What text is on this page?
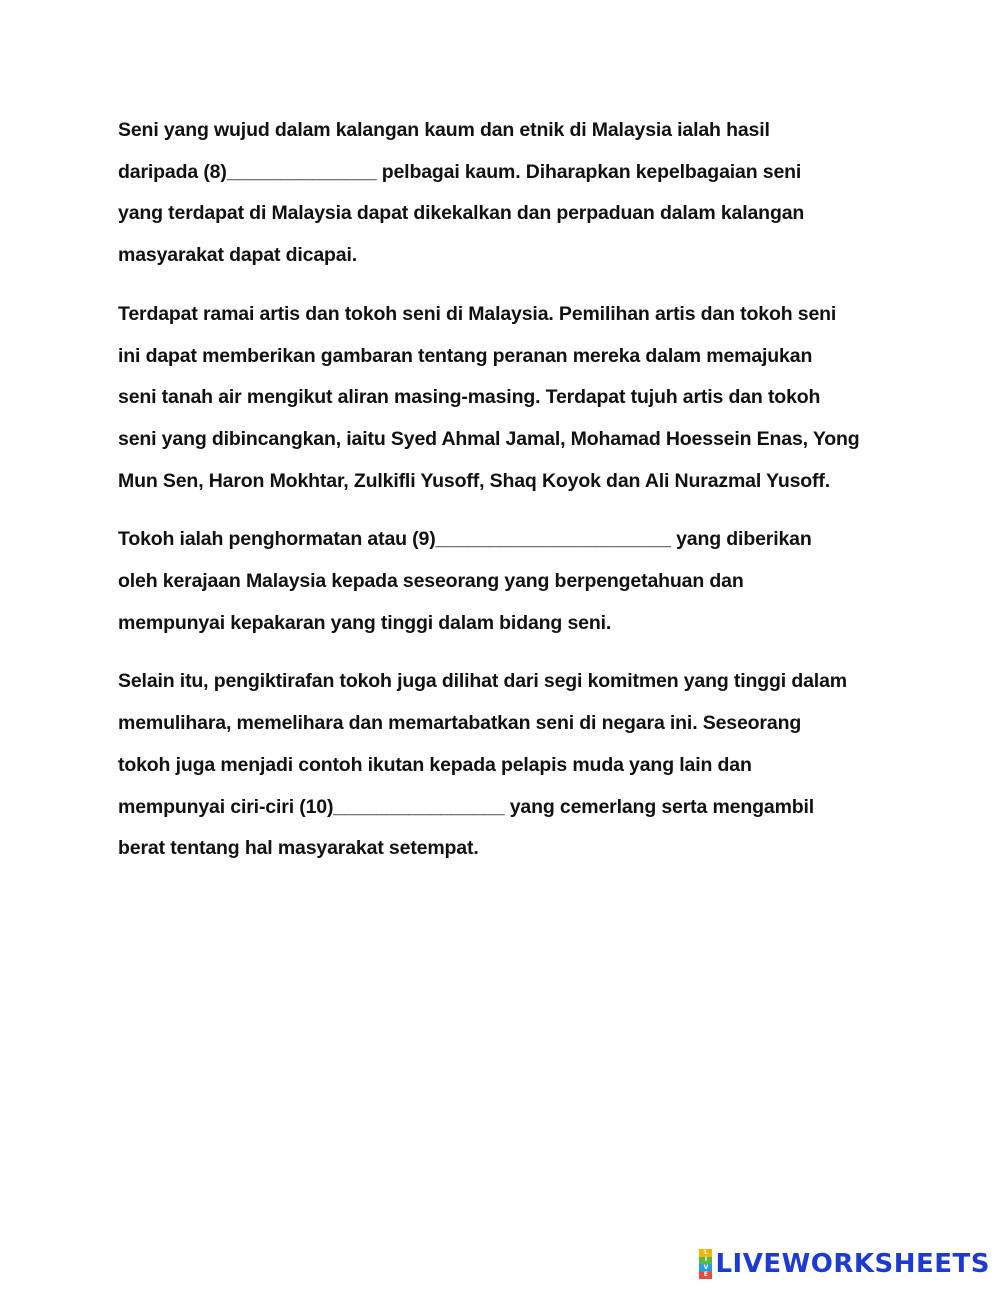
Seni yang wujud dalam kalangan kaum dan etnik di Malaysia ialah hasil
daripada (8)______________ pelbagai kaum. Diharapkan kepelbagaian seni
yang terdapat di Malaysia dapat dikekalkan dan perpaduan dalam kalangan
masyarakat dapat dicapai.

Terdapat ramai artis dan tokoh seni di Malaysia. Pemilihan artis dan tokoh seni
ini dapat memberikan gambaran tentang peranan mereka dalam memajukan
seni tanah air mengikut aliran masing-masing. Terdapat tujuh artis dan tokoh
seni yang dibincangkan, iaitu Syed Ahmal Jamal, Mohamad Hoessein Enas, Yong
Mun Sen, Haron Mokhtar, Zulkifli Yusoff, Shaq Koyok dan Ali Nurazmal Yusoff.

Tokoh ialah penghormatan atau (9)______________________ yang diberikan
oleh kerajaan Malaysia kepada seseorang yang berpengetahuan dan
mempunyai kepakaran yang tinggi dalam bidang seni.

Selain itu, pengiktirafan tokoh juga dilihat dari segi komitmen yang tinggi dalam
memulihara, memelihara dan memartabatkan seni di negara ini. Seseorang
tokoh juga menjadi contoh ikutan kepada pelapis muda yang lain dan
mempunyai ciri-ciri (10)________________ yang cemerlang serta mengambil
berat tentang hal masyarakat setempat.

L
I
V
E LIVEWORKSHEETS
